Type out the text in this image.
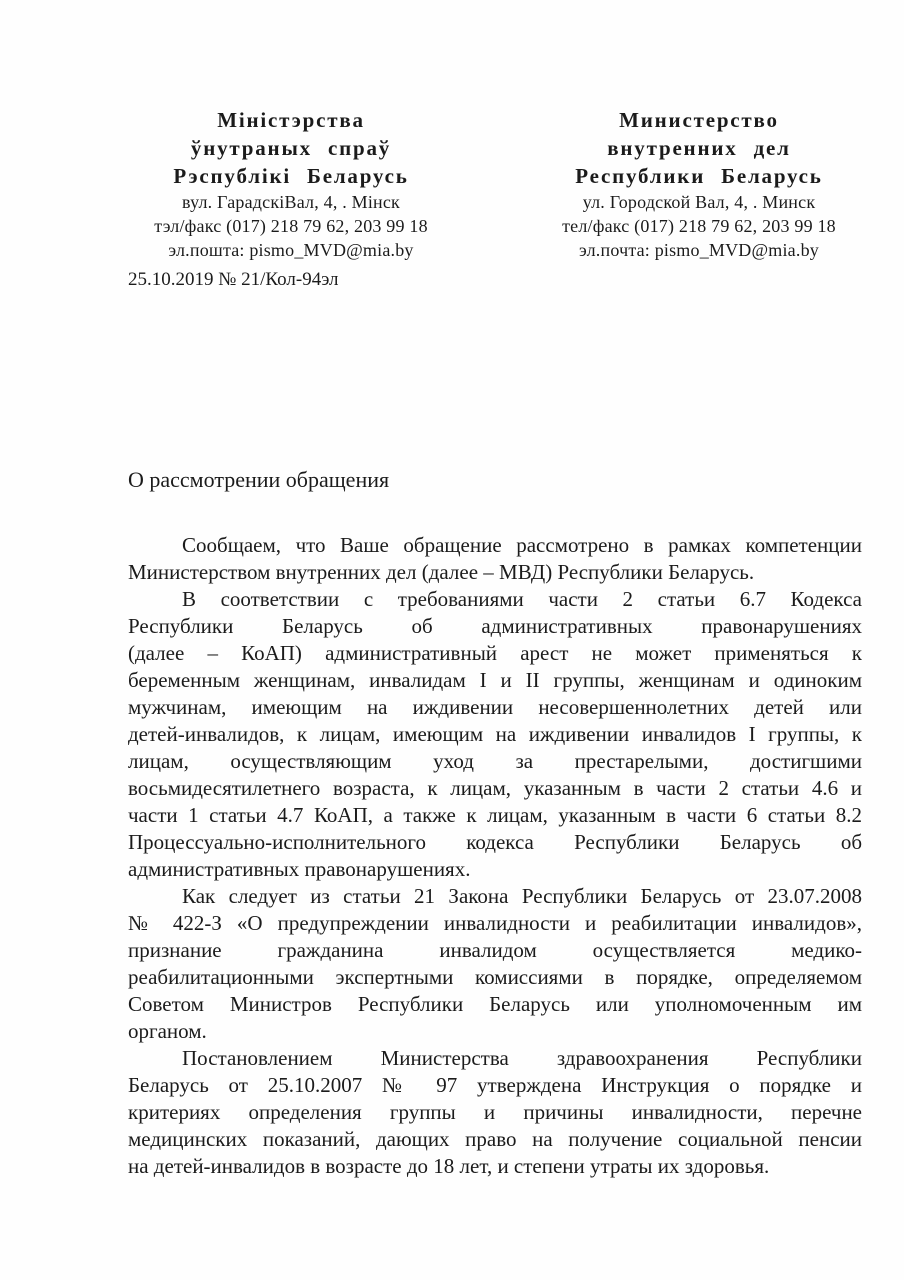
Міністэрства
ўнутраных спраў
Рэспублікі Беларусь
вул. ГарадскіВал, 4, . Мінск
тэл/факс (017) 218 79 62, 203 99 18
эл.пошта: pismo_MVD@mia.by
Министерство
внутренних дел
Республики Беларусь
ул. Городской Вал, 4, . Минск
тел/факс (017) 218 79 62, 203 99 18
эл.почта: pismo_MVD@mia.by
25.10.2019 № 21/Кол-94эл
О рассмотрении обращения
Сообщаем, что Ваше обращение рассмотрено в рамках компетенции
Министерством внутренних дел (далее – МВД) Республики Беларусь.
В соответствии с требованиями части 2 статьи 6.7 Кодекса
Республики Беларусь об административных правонарушениях
(далее – КоАП) административный арест не может применяться к
беременным женщинам, инвалидам I и II группы, женщинам и одиноким
мужчинам, имеющим на иждивении несовершеннолетних детей или
детей-инвалидов, к лицам, имеющим на иждивении инвалидов I группы, к
лицам, осуществляющим уход за престарелыми, достигшими
восьмидесятилетнего возраста, к лицам, указанным в части 2 статьи 4.6 и
части 1 статьи 4.7 КоАП, а также к лицам, указанным в части 6 статьи 8.2
Процессуально-исполнительного кодекса Республики Беларусь об
административных правонарушениях.
Как следует из статьи 21 Закона Республики Беларусь от 23.07.2008
№ 422-З «О предупреждении инвалидности и реабилитации инвалидов»,
признание гражданина инвалидом осуществляется медико-
реабилитационными экспертными комиссиями в порядке, определяемом
Советом Министров Республики Беларусь или уполномоченным им
органом.
Постановлением Министерства здравоохранения Республики
Беларусь от 25.10.2007 № 97 утверждена Инструкция о порядке и
критериях определения группы и причины инвалидности, перечне
медицинских показаний, дающих право на получение социальной пенсии
на детей-инвалидов в возрасте до 18 лет, и степени утраты их здоровья.
